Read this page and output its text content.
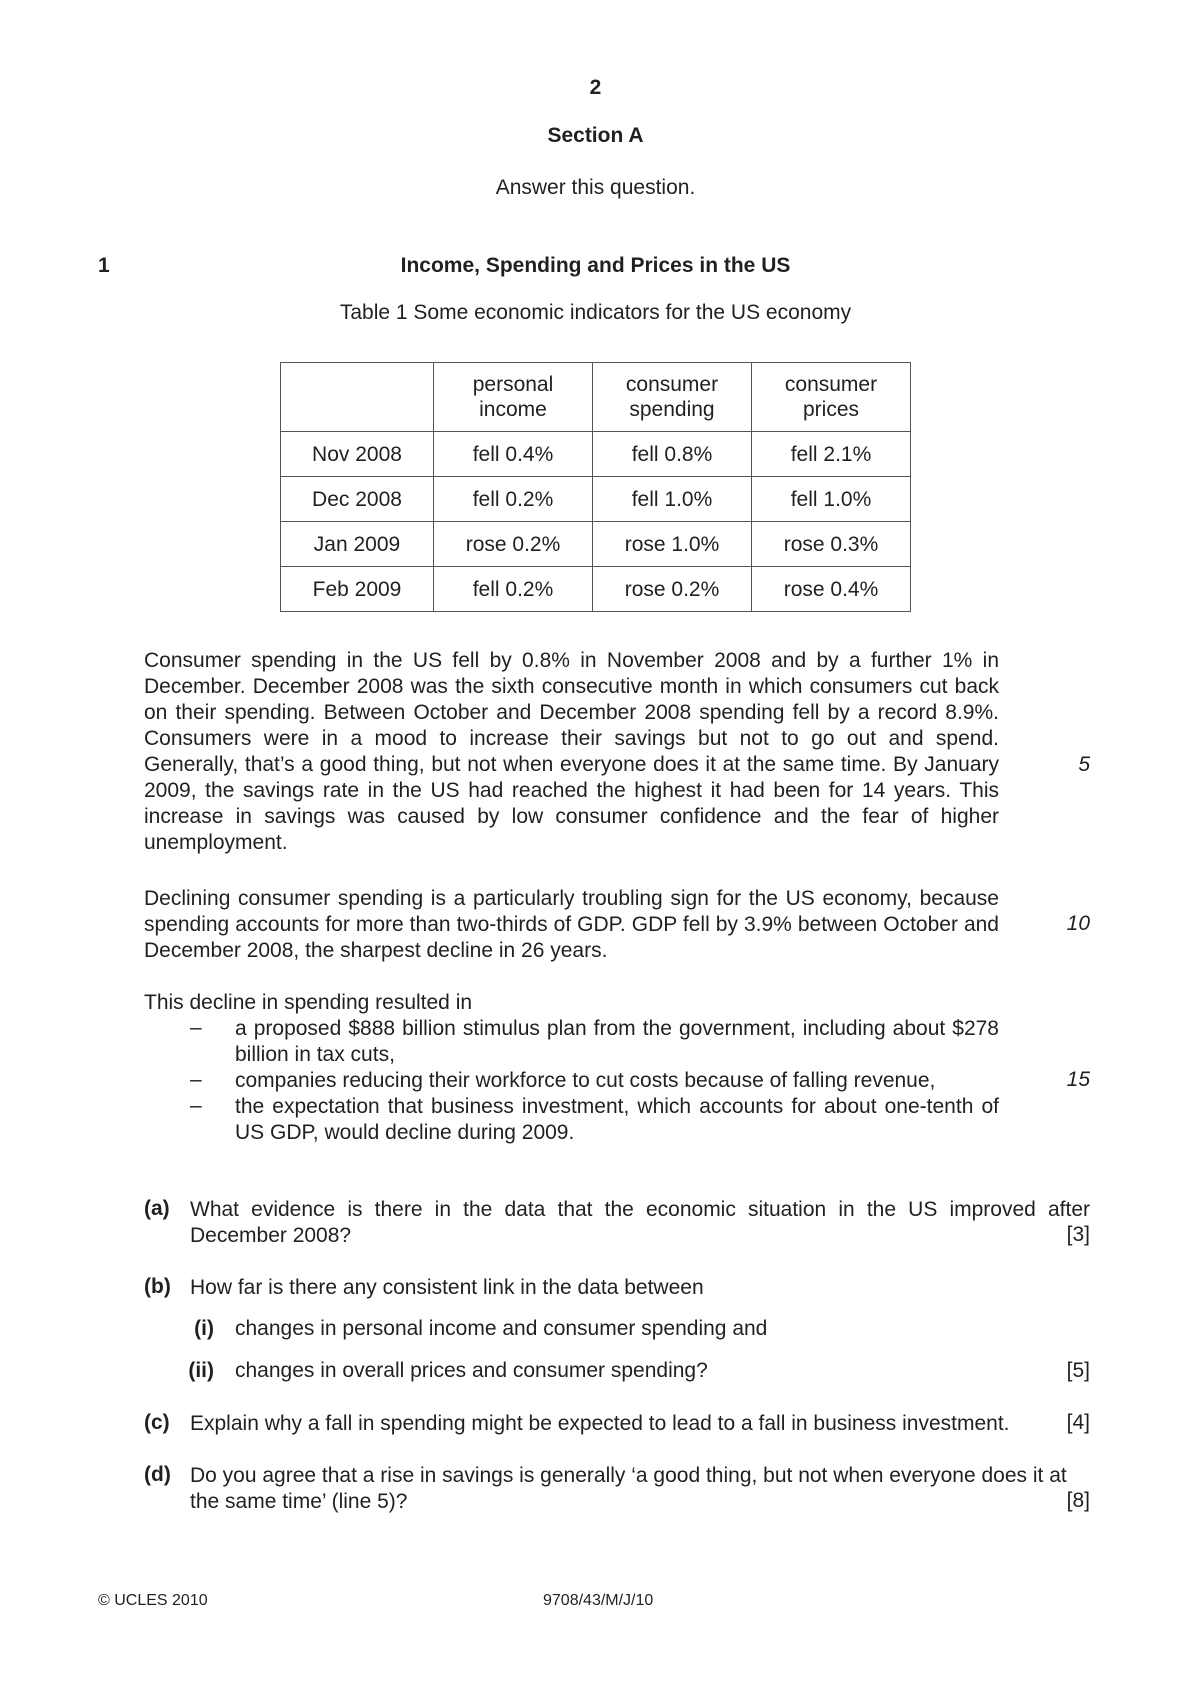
2
Section A
Answer this question.
1	Income, Spending and Prices in the US
Table 1 Some economic indicators for the US economy
	personal income	consumer spending	consumer prices
Nov 2008	fell 0.4%	fell 0.8%	fell 2.1%
Dec 2008	fell 0.2%	fell 1.0%	fell 1.0%
Jan 2009	rose 0.2%	rose 1.0%	rose 0.3%
Feb 2009	fell 0.2%	rose 0.2%	rose 0.4%

Consumer spending in the US fell by 0.8% in November 2008 and by a further 1% in December. December 2008 was the sixth consecutive month in which consumers cut back on their spending. Between October and December 2008 spending fell by a record 8.9%. Consumers were in a mood to increase their savings but not to go out and spend. Generally, that’s a good thing, but not when everyone does it at the same time. By January 2009, the savings rate in the US had reached the highest it had been for 14 years. This increase in savings was caused by low consumer confidence and the fear of higher unemployment.

5

Declining consumer spending is a particularly troubling sign for the US economy, because spending accounts for more than two-thirds of GDP. GDP fell by 3.9% between October and December 2008, the sharpest decline in 26 years.

10

This decline in spending resulted in

– a proposed $888 billion stimulus plan from the government, including about $278 billion in tax cuts,
– companies reducing their workforce to cut costs because of falling revenue,	15
– the expectation that business investment, which accounts for about one-tenth of US GDP, would decline during 2009.
(a) What evidence is there in the data that the economic situation in the US improved after December 2008?	[3]
(b) How far is there any consistent link in the data between
(i) changes in personal income and consumer spending and
(ii) changes in overall prices and consumer spending?	[5]
(c) Explain why a fall in spending might be expected to lead to a fall in business investment.	[4]
(d) Do you agree that a rise in savings is generally ‘a good thing, but not when everyone does it at the same time’ (line 5)?	[8]
© UCLES 2010	9708/43/M/J/10
